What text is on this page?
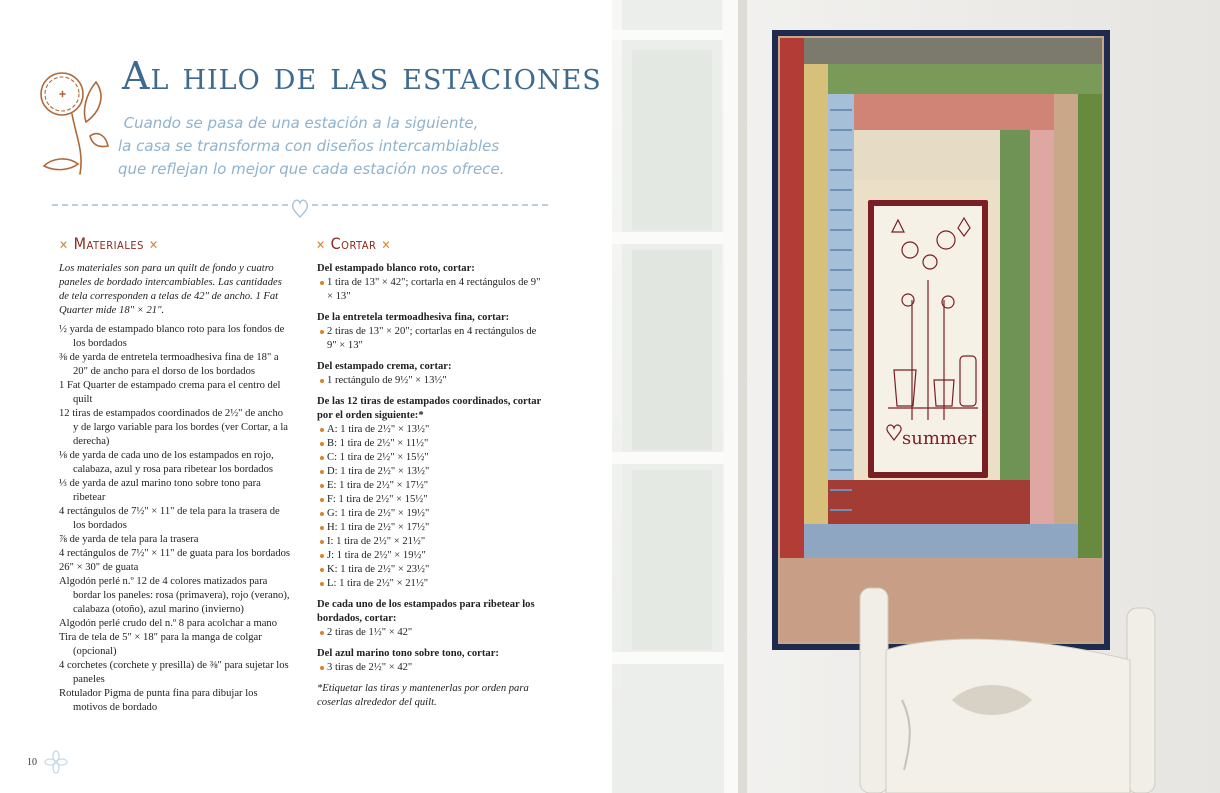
Al hilo de las estaciones
Cuando se pasa de una estación a la siguiente,
la casa se transforma con diseños intercambiables
que reflejan lo mejor que cada estación nos ofrece.
✕ Materiales ✕	✕ Cortar ✕
Los materiales son para un quilt de fondo y cuatro paneles de bordado intercambiables. Las cantidades de tela corresponden a telas de 42" de ancho. 1 Fat Quarter mide 18" × 21".
½ yarda de estampado blanco roto para los fondos de los bordados
⅜ de yarda de entretela termoadhesiva fina de 18" a 20" de ancho para el dorso de los bordados
1 Fat Quarter de estampado crema para el centro del quilt
12 tiras de estampados coordinados de 2½" de ancho y de largo variable para los bordes (ver Cortar, a la derecha)
⅛ de yarda de cada uno de los estampados en rojo, calabaza, azul y rosa para ribetear los bordados
⅓ de yarda de azul marino tono sobre tono para ribetear
4 rectángulos de 7½" × 11" de tela para la trasera de los bordados
⅞ de yarda de tela para la trasera
4 rectángulos de 7½" × 11" de guata para los bordados
26" × 30" de guata
Algodón perlé n.º 12 de 4 colores matizados para bordar los paneles: rosa (primavera), rojo (verano), calabaza (otoño), azul marino (invierno)
Algodón perlé crudo del n.º 8 para acolchar a mano
Tira de tela de 5" × 18" para la manga de colgar (opcional)
4 corchetes (corchete y presilla) de ⅜" para sujetar los paneles
Rotulador Pigma de punta fina para dibujar los motivos de bordado
Del estampado blanco roto, cortar:
1 tira de 13" × 42"; cortarla en 4 rectángulos de 9" × 13"
De la entretela termoadhesiva fina, cortar:
2 tiras de 13" × 20"; cortarlas en 4 rectángulos de 9" × 13"
Del estampado crema, cortar:
1 rectángulo de 9½" × 13½"
De las 12 tiras de estampados coordinados, cortar por el orden siguiente:*
A: 1 tira de 2½" × 13½"
B: 1 tira de 2½" × 11½"
C: 1 tira de 2½" × 15½"
D: 1 tira de 2½" × 13½"
E: 1 tira de 2½" × 17½"
F: 1 tira de 2½" × 15½"
G: 1 tira de 2½" × 19½"
H: 1 tira de 2½" × 17½"
I: 1 tira de 2½" × 21½"
J: 1 tira de 2½" × 19½"
K: 1 tira de 2½" × 23½"
L: 1 tira de 2½" × 21½"
De cada uno de los estampados para ribetear los bordados, cortar:
2 tiras de 1½" × 42"
Del azul marino tono sobre tono, cortar:
3 tiras de 2½" × 42"
*Etiquetar las tiras y mantenerlas por orden para coserlas alrededor del quilt.
10
summer
